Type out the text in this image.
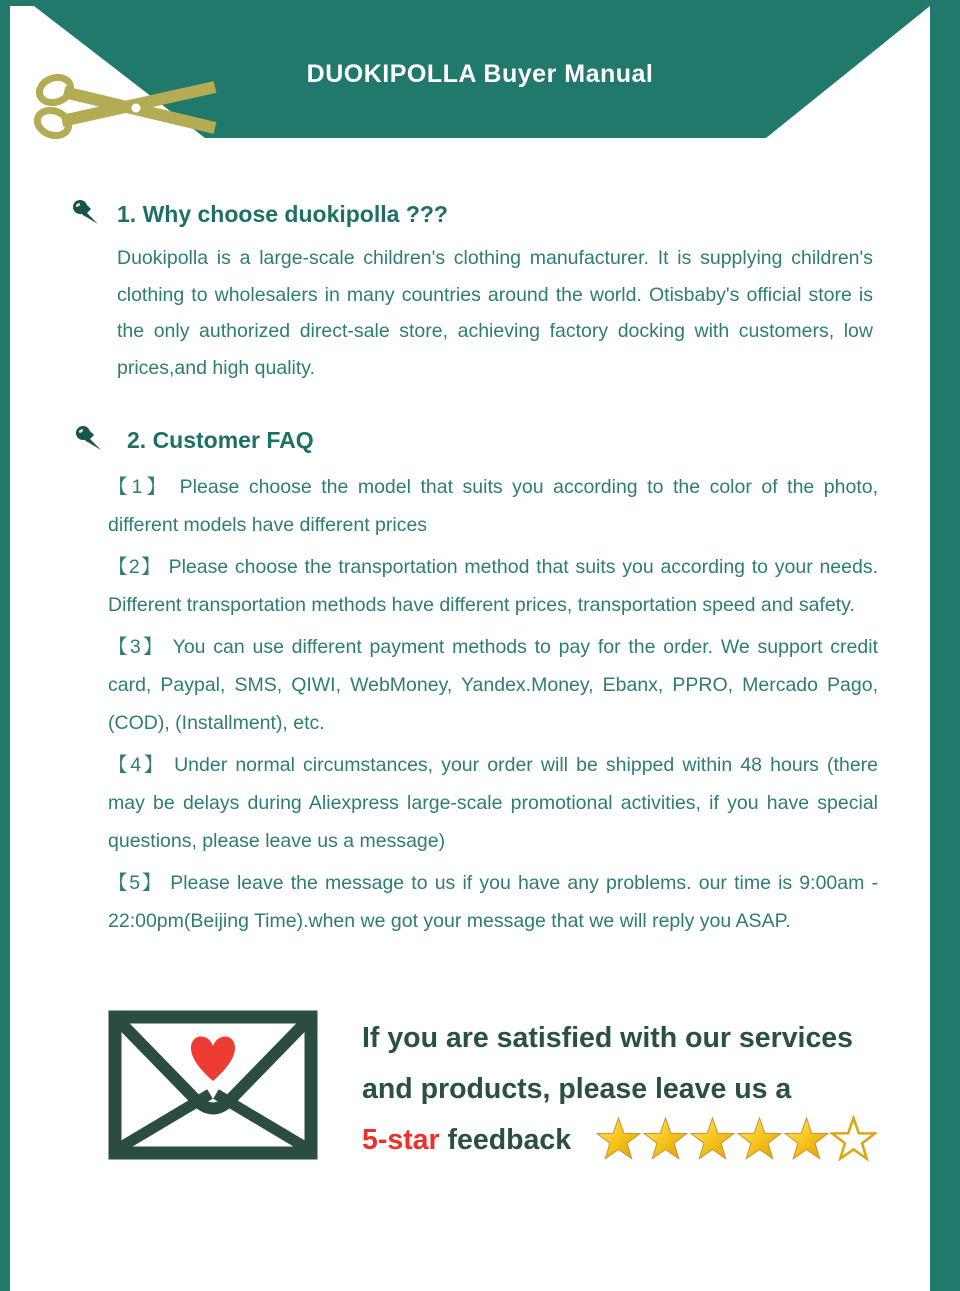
DUOKIPOLLA Buyer Manual
1. Why choose duokipolla ???

Duokipolla is a large-scale children's clothing manufacturer. It is supplying children's clothing to wholesalers in many countries around the world. Otisbaby's official store is the only authorized direct-sale store, achieving factory docking with customers, low prices,and high quality.

2. Customer FAQ

【1】 Please choose the model that suits you according to the color of the photo, different models have different prices

【2】 Please choose the transportation method that suits you according to your needs. Different transportation methods have different prices, transportation speed and safety.

【3】 You can use different payment methods to pay for the order. We support credit card, Paypal, SMS, QIWI, WebMoney, Yandex.Money, Ebanx, PPRO, Mercado Pago, (COD), (Installment), etc.

【4】 Under normal circumstances, your order will be shipped within 48 hours (there may be delays during Aliexpress large-scale promotional activities, if you have special questions, please leave us a message)

【5】 Please leave the message to us if you have any problems. our time is 9:00am - 22:00pm(Beijing Time).when we got your message that we will reply you ASAP.

If you are satisfied with our services

and products, please leave us a

5-star feedback
